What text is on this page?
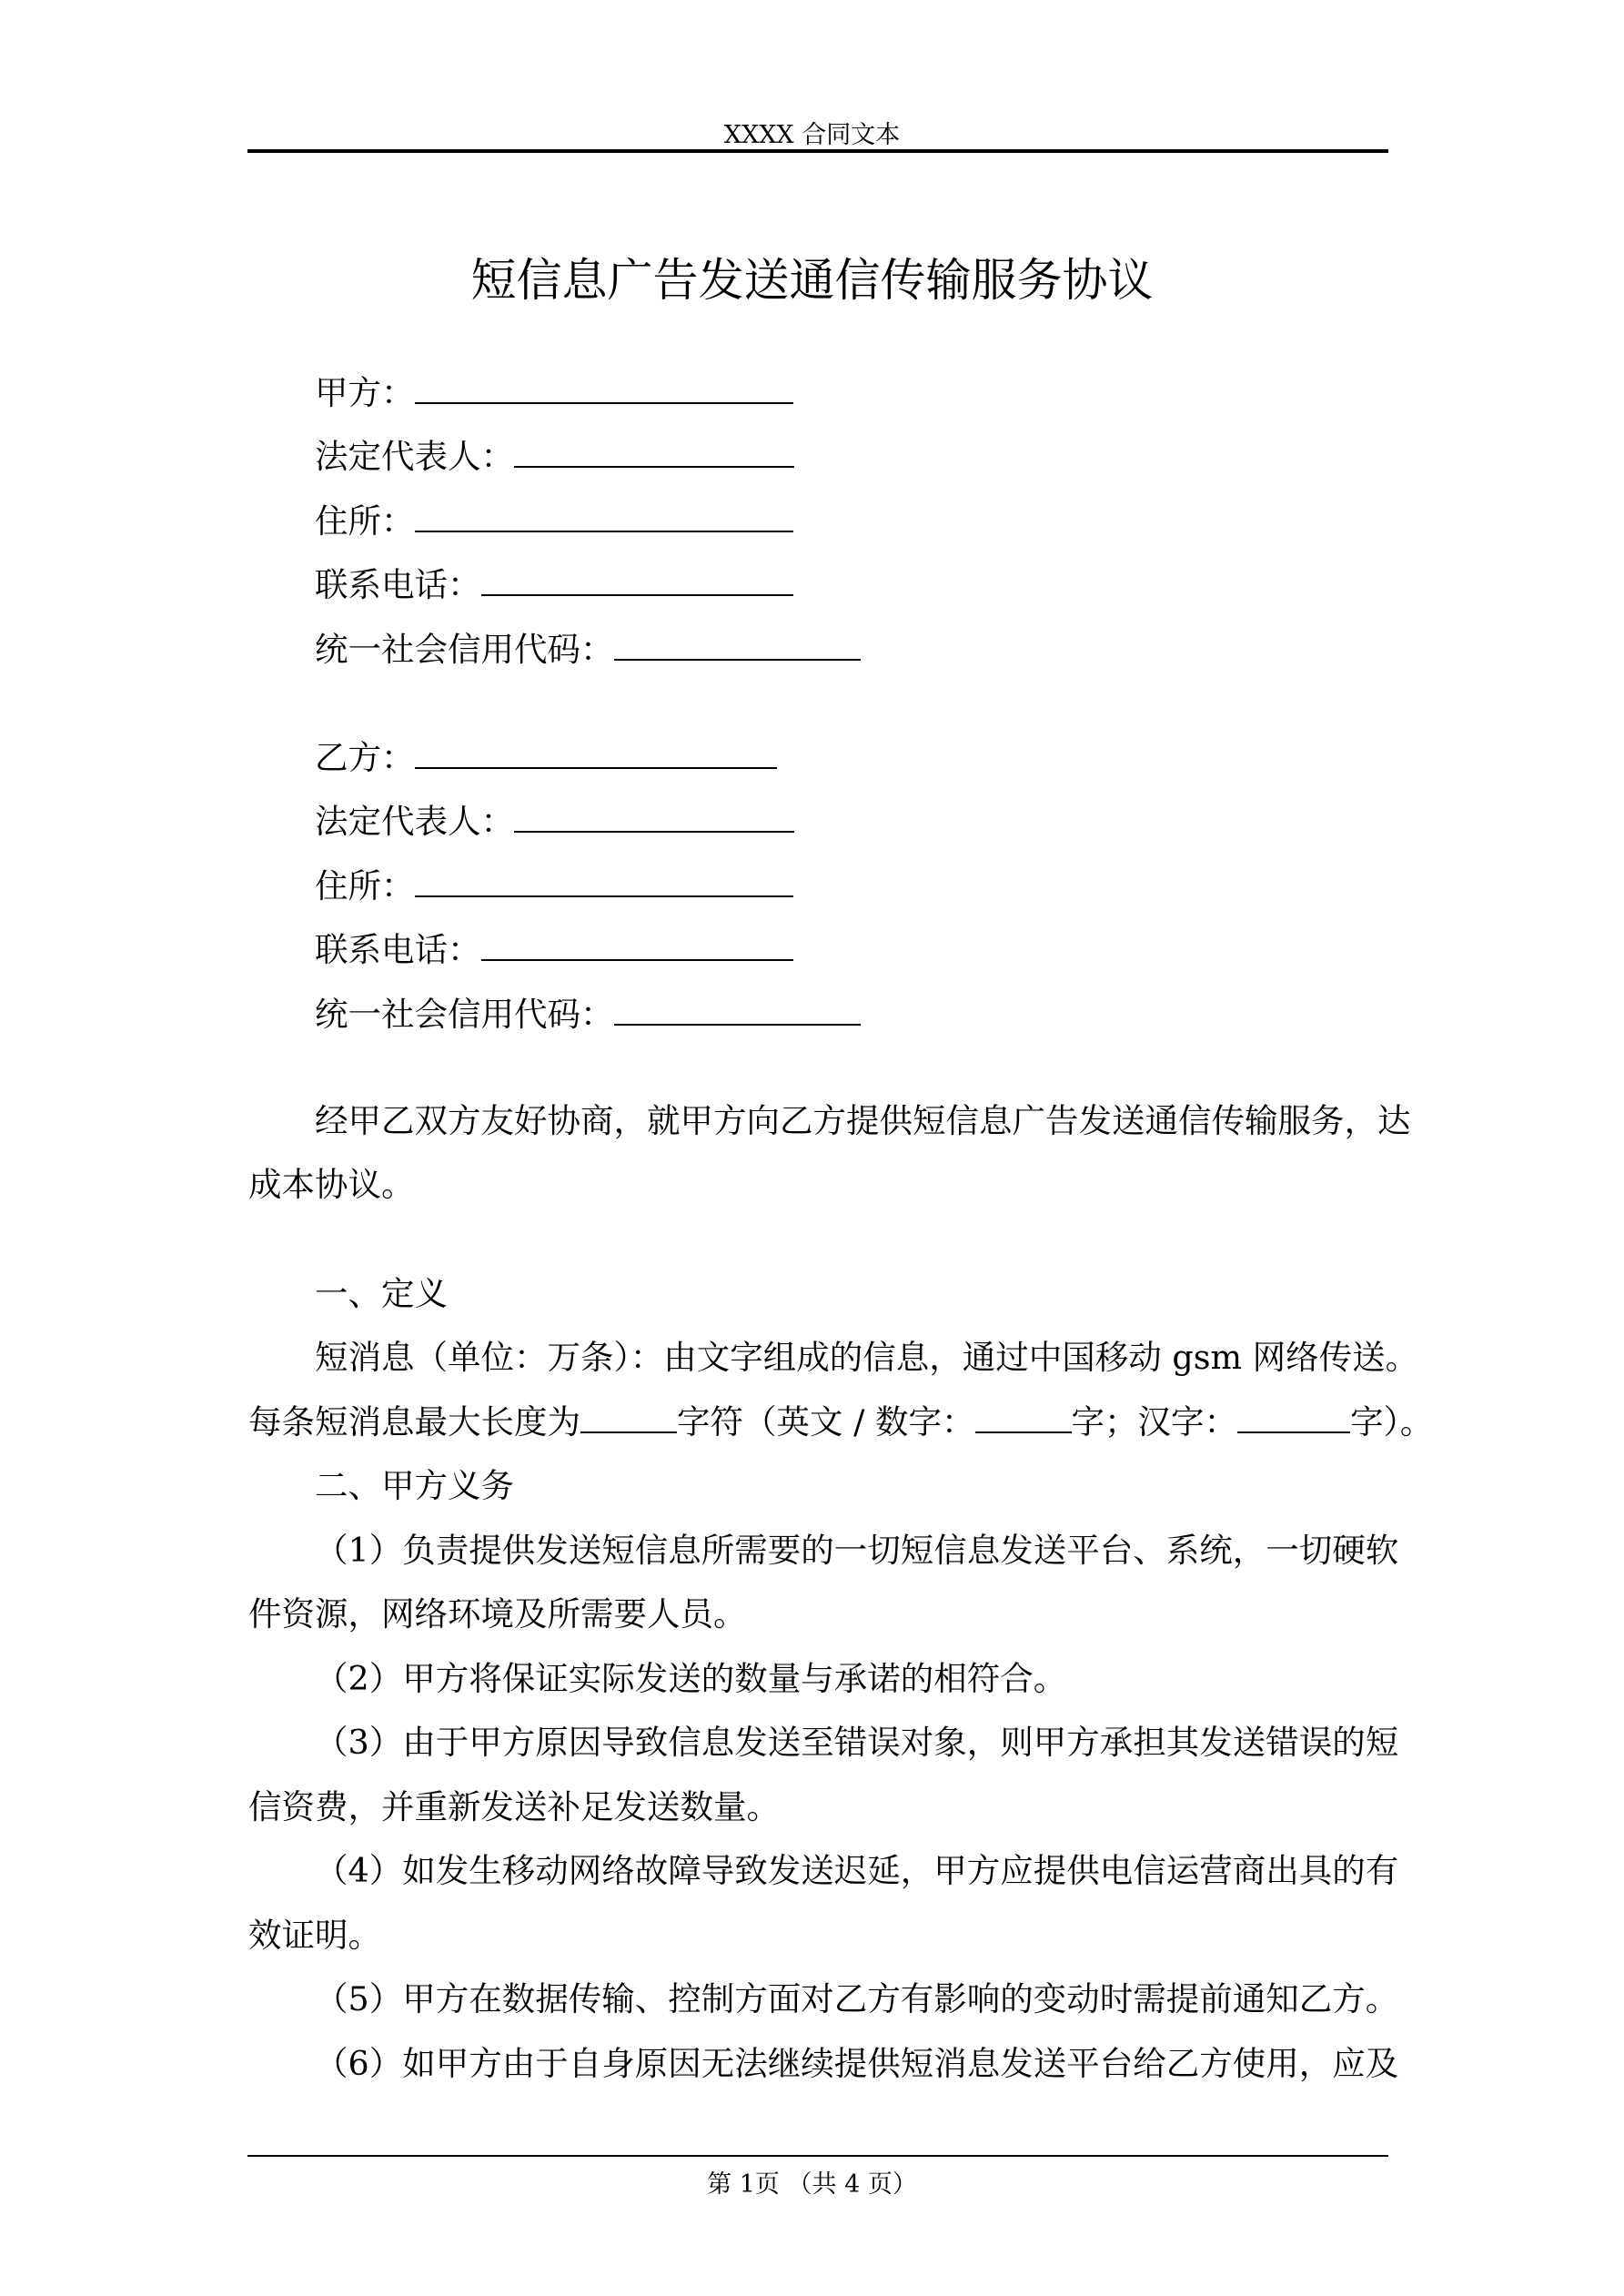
XXXX 合同文本
短信息广告发送通信传输服务协议
甲方：
法定代表人：
住所：
联系电话：
统一社会信用代码：
乙方：
法定代表人：
住所：
联系电话：
统一社会信用代码：
经甲乙双方友好协商，就甲方向乙方提供短信息广告发送通信传输服务，达
成本协议。
一、定义
短消息（单位：万条）：由文字组成的信息，通过中国移动 gsm 网络传送。
每条短消息最大长度为	字符（英文 / 数字：	字；汉字：	字）。
二、甲方义务
（1）负责提供发送短信息所需要的一切短信息发送平台、系统，一切硬软
件资源，网络环境及所需要人员。
（2）甲方将保证实际发送的数量与承诺的相符合。
（3）由于甲方原因导致信息发送至错误对象，则甲方承担其发送错误的短
信资费，并重新发送补足发送数量。
（4）如发生移动网络故障导致发送迟延，甲方应提供电信运营商出具的有
效证明。
（5）甲方在数据传输、控制方面对乙方有影响的变动时需提前通知乙方。
（6）如甲方由于自身原因无法继续提供短消息发送平台给乙方使用，应及
第 1页 （共 4 页）
